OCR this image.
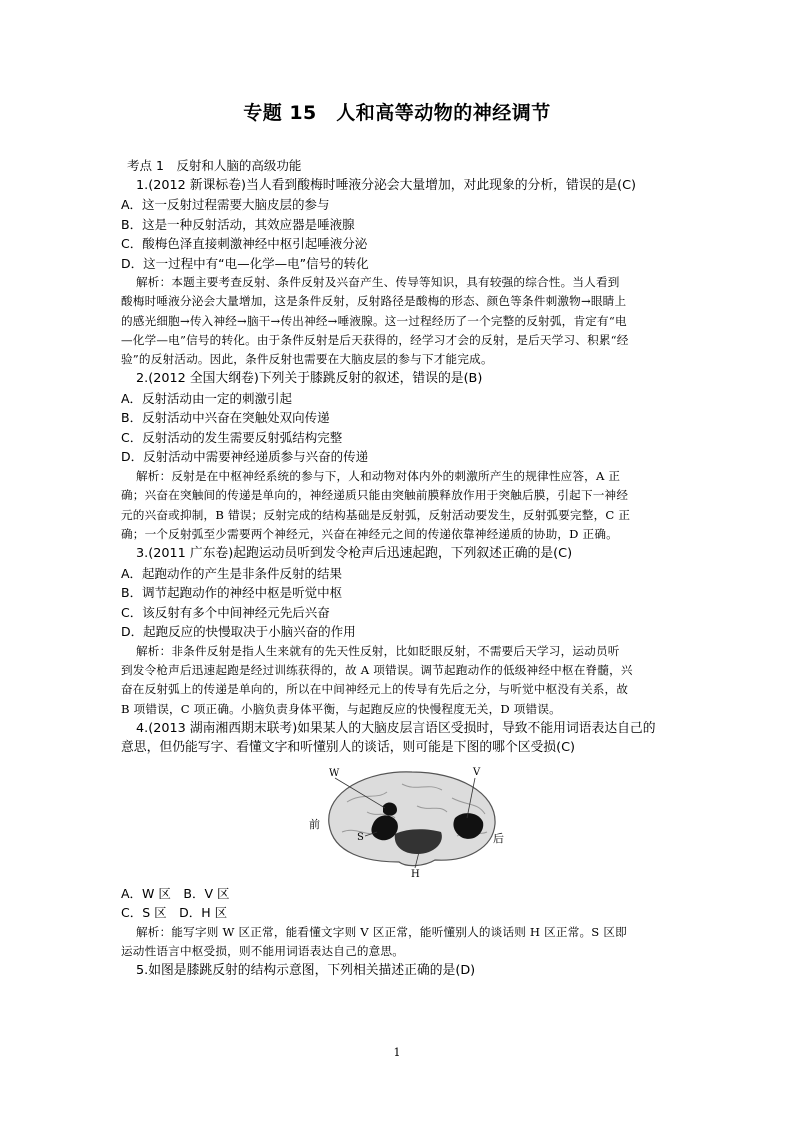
专题 15　人和高等动物的神经调节
考点 1　反射和人脑的高级功能
1.(2012 新课标卷)当人看到酸梅时唾液分泌会大量增加，对此现象的分析，错误的是(C)
A．这一反射过程需要大脑皮层的参与
B．这是一种反射活动，其效应器是唾液腺
C．酸梅色泽直接刺激神经中枢引起唾液分泌
D．这一过程中有“电—化学—电”信号的转化
解析：本题主要考查反射、条件反射及兴奋产生、传导等知识，具有较强的综合性。当人看到
酸梅时唾液分泌会大量增加，这是条件反射，反射路径是酸梅的形态、颜色等条件刺激物→眼睛上
的感光细胞→传入神经→脑干→传出神经→唾液腺。这一过程经历了一个完整的反射弧，肯定有“电
—化学—电”信号的转化。由于条件反射是后天获得的，经学习才会的反射，是后天学习、积累“经
验”的反射活动。因此，条件反射也需要在大脑皮层的参与下才能完成。
2.(2012 全国大纲卷)下列关于膝跳反射的叙述，错误的是(B)
A．反射活动由一定的刺激引起
B．反射活动中兴奋在突触处双向传递
C．反射活动的发生需要反射弧结构完整
D．反射活动中需要神经递质参与兴奋的传递
解析：反射是在中枢神经系统的参与下，人和动物对体内外的刺激所产生的规律性应答，A 正
确；兴奋在突触间的传递是单向的，神经递质只能由突触前膜释放作用于突触后膜，引起下一神经
元的兴奋或抑制，B 错误；反射完成的结构基础是反射弧，反射活动要发生，反射弧要完整，C 正
确；一个反射弧至少需要两个神经元，兴奋在神经元之间的传递依靠神经递质的协助，D 正确。
3.(2011 广东卷)起跑运动员听到发令枪声后迅速起跑，下列叙述正确的是(C)
A．起跑动作的产生是非条件反射的结果
B．调节起跑动作的神经中枢是听觉中枢
C．该反射有多个中间神经元先后兴奋
D．起跑反应的快慢取决于小脑兴奋的作用
解析：非条件反射是指人生来就有的先天性反射，比如眨眼反射，不需要后天学习，运动员听
到发令枪声后迅速起跑是经过训练获得的，故 A 项错误。调节起跑动作的低级神经中枢在脊髓，兴
奋在反射弧上的传递是单向的，所以在中间神经元上的传导有先后之分，与听觉中枢没有关系，故
B 项错误，C 项正确。小脑负责身体平衡，与起跑反应的快慢程度无关，D 项错误。
4.(2013 湖南湘西期末联考)如果某人的大脑皮层言语区受损时，导致不能用词语表达自己的
意思，但仍能写字、看懂文字和听懂别人的谈话，则可能是下图的哪个区受损(C)
W	V
S
H
前
后
A．W 区　B．V 区
C．S 区　D．H 区
解析：能写字则 W 区正常，能看懂文字则 V 区正常，能听懂别人的谈话则 H 区正常。S 区即
运动性语言中枢受损，则不能用词语表达自己的意思。
5.如图是膝跳反射的结构示意图，下列相关描述正确的是(D)
1
